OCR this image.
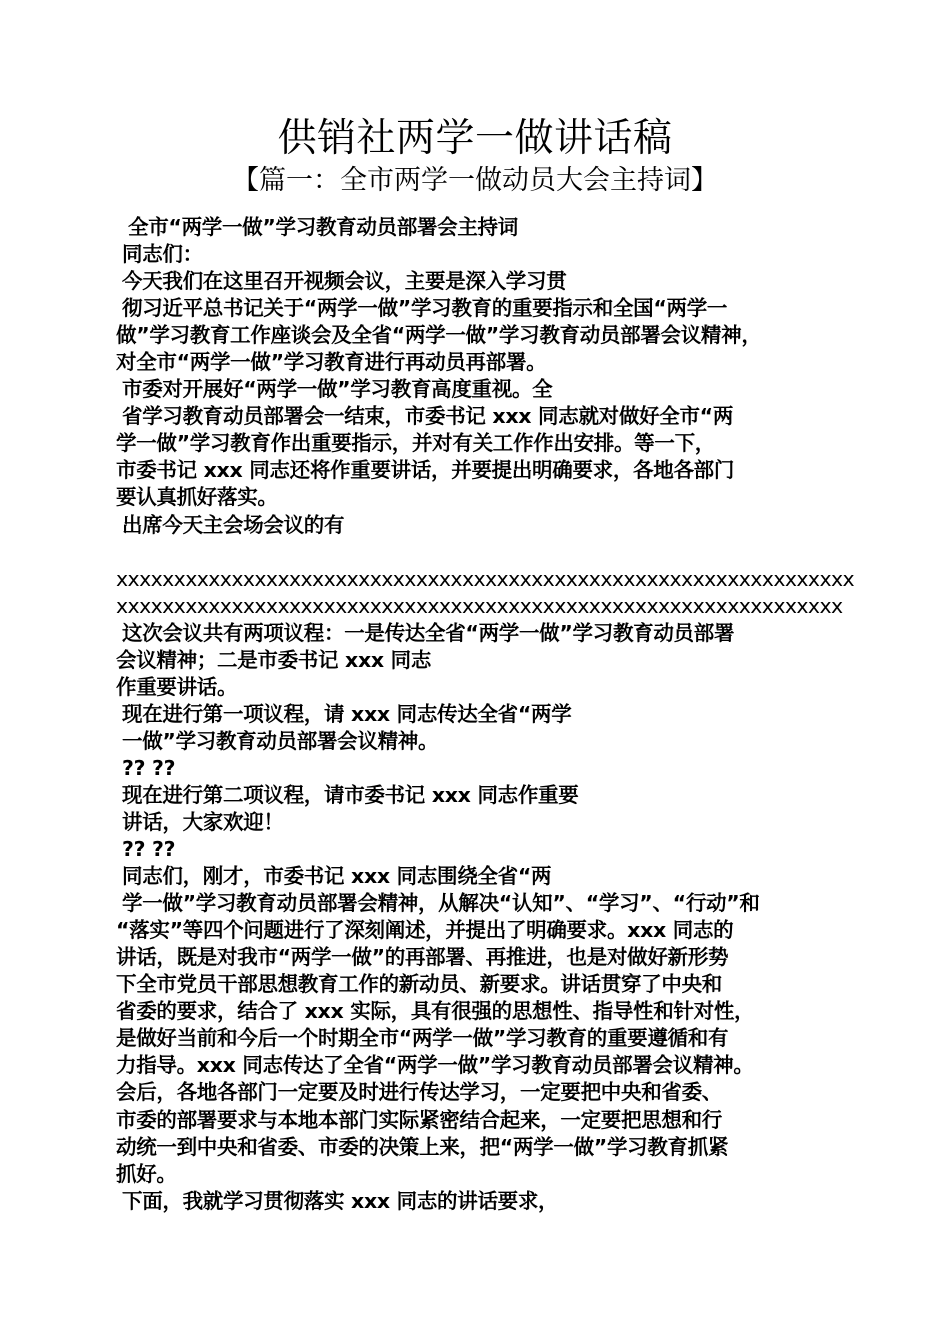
供销社两学一做讲话稿
【篇一：全市两学一做动员大会主持词】
全市“两学一做”学习教育动员部署会主持词
同志们：
今天我们在这里召开视频会议，主要是深入学习贯
彻习近平总书记关于“两学一做”学习教育的重要指示和全国“两学一
做”学习教育工作座谈会及全省“两学一做”学习教育动员部署会议精神，
对全市“两学一做”学习教育进行再动员再部署。
市委对开展好“两学一做”学习教育高度重视。全
省学习教育动员部署会一结束，市委书记 xxx 同志就对做好全市“两
学一做”学习教育作出重要指示，并对有关工作作出安排。等一下，
市委书记 xxx 同志还将作重要讲话，并要提出明确要求，各地各部门
要认真抓好落实。
出席今天主会场会议的有
xxxxxxxxxxxxxxxxxxxxxxxxxxxxxxxxxxxxxxxxxxxxxxxxxxxxxxxxxxxxxxxx
xxxxxxxxxxxxxxxxxxxxxxxxxxxxxxxxxxxxxxxxxxxxxxxxxxxxxxxxxxxxxxx
这次会议共有两项议程：一是传达全省“两学一做”学习教育动员部署
会议精神；二是市委书记 xxx 同志
作重要讲话。
现在进行第一项议程，请 xxx 同志传达全省“两学
一做”学习教育动员部署会议精神。
?? ??
现在进行第二项议程，请市委书记 xxx 同志作重要
讲话，大家欢迎！
?? ??
同志们，刚才，市委书记 xxx 同志围绕全省“两
学一做”学习教育动员部署会精神，从解决“认知”、“学习”、“行动”和
“落实”等四个问题进行了深刻阐述，并提出了明确要求。xxx 同志的
讲话，既是对我市“两学一做”的再部署、再推进，也是对做好新形势
下全市党员干部思想教育工作的新动员、新要求。讲话贯穿了中央和
省委的要求，结合了 xxx 实际，具有很强的思想性、指导性和针对性，
是做好当前和今后一个时期全市“两学一做”学习教育的重要遵循和有
力指导。xxx 同志传达了全省“两学一做”学习教育动员部署会议精神。
会后，各地各部门一定要及时进行传达学习，一定要把中央和省委、
市委的部署要求与本地本部门实际紧密结合起来，一定要把思想和行
动统一到中央和省委、市委的决策上来，把“两学一做”学习教育抓紧
抓好。
下面，我就学习贯彻落实 xxx 同志的讲话要求，
